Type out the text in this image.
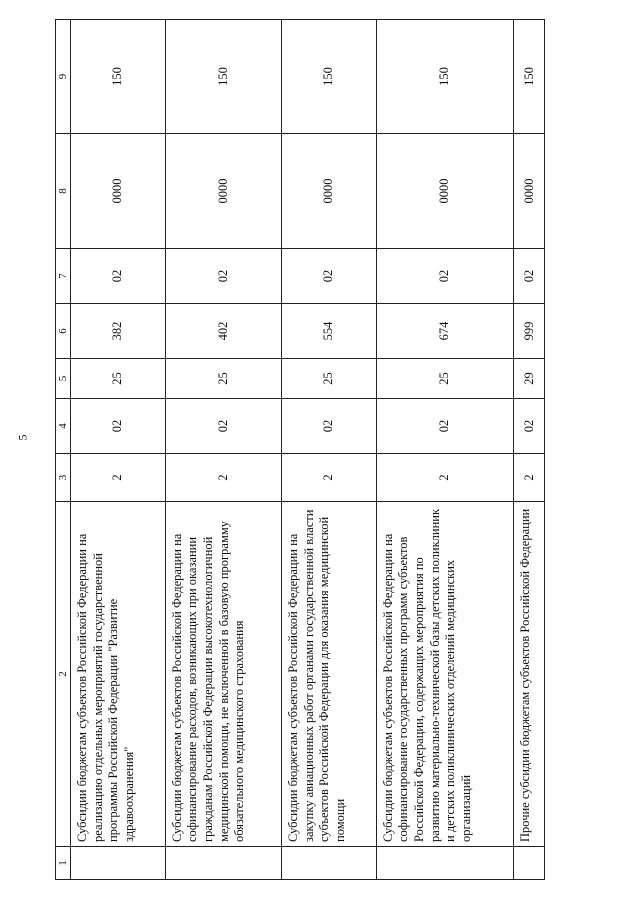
5
1	2	3	4	5	6	7	8	9
	Субсидии бюджетам субъектов Российской Федерации на реализацию отдельных мероприятий государственной программы Российской Федерации "Развитие здравоохранения"	2	02	25	382	02	0000	150
	Субсидии бюджетам субъектов Российской Федерации на софинансирование расходов, возникающих при оказании гражданам Российской Федерации высокотехнологичной медицинской помощи, не включенной в базовую программу обязательного медицинского страхования	2	02	25	402	02	0000	150
	Субсидии бюджетам субъектов Российской Федерации на закупку авиационных работ органами государственной власти субъектов Российской Федерации для оказания медицинской помощи	2	02	25	554	02	0000	150
	Субсидии бюджетам субъектов Российской Федерации на софинансирование государственных программ субъектов Российской Федерации, содержащих мероприятия по развитию материально-технической базы детских поликлиник и детских поликлинических отделений медицинских организаций	2	02	25	674	02	0000	150
	Прочие субсидии бюджетам субъектов Российской Федерации	2	02	29	999	02	0000	150
